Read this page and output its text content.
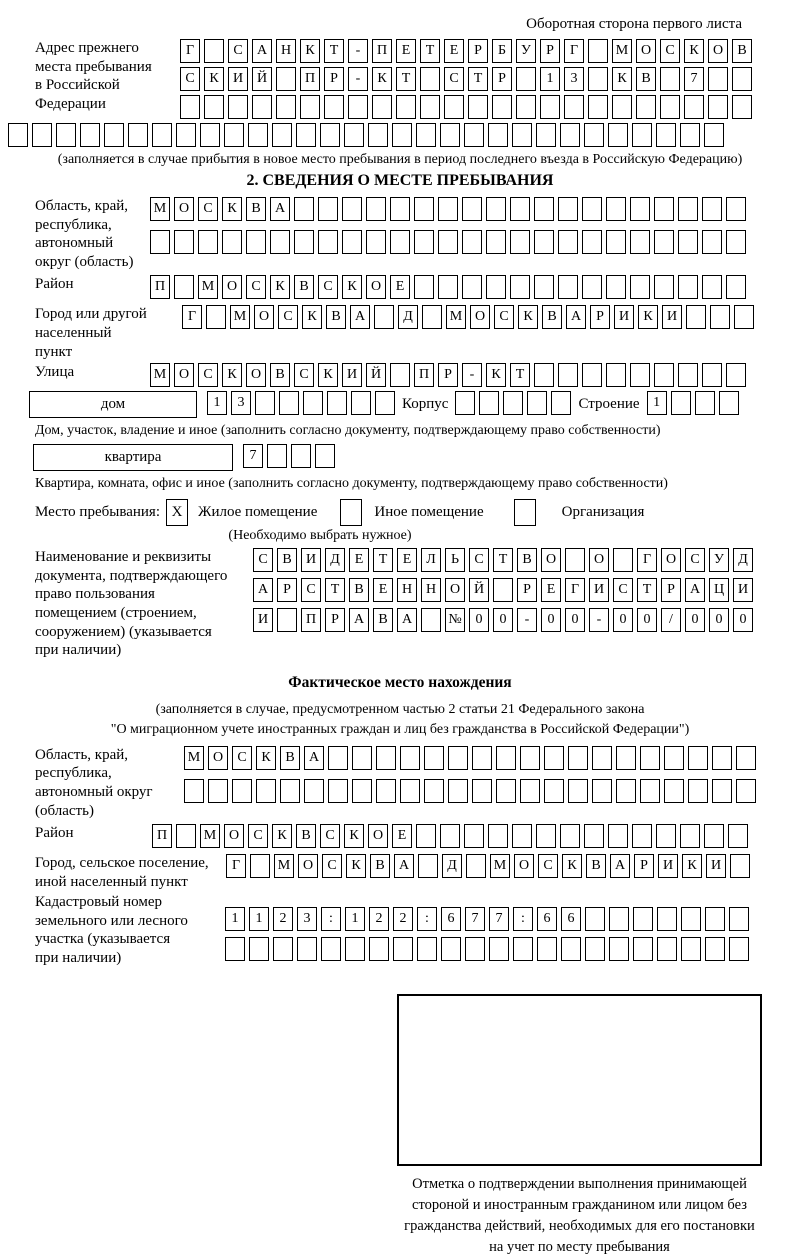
Оборотная сторона первого листа
Адрес прежнего
места пребывания
в Российской
Федерации
Г	С	А Н	К	Т	-	П	Е	Т	Е	Р	Б	У	Р	Г	М О	С	К	О	В
С	К	И Й	П	Р	-	К	Т	С	Т	Р	1	3	К	В	7
(заполняется в случае прибытия в новое место пребывания в период последнего въезда в Российскую Федерацию)
2. СВЕДЕНИЯ О МЕСТЕ ПРЕБЫВАНИЯ
Область, край,
республика,
автономный
округ (область)
М О	С	К	В	А
Район	П	М О	С	К	В	С	К	О	Е
Город или другой
населенный пункт
Г	М О	С	К	В	А	Д	М О	С	К	В	А	Р	И	К	И
Улица	М О	С	К	О	В	С	К	И Й	П	Р	-	К	Т
дом	1	3	Корпус	Строение 1
Дом, участок, владение и иное (заполнить согласно документу, подтверждающему право собственности)
квартира	7
Квартира, комната, офис и иное (заполнить согласно документу, подтверждающему право собственности)
Место пребывания: X	Жилое помещение	Иное помещение	Организация
(Необходимо выбрать нужное)
Наименование и реквизиты
документа, подтверждающего
право пользования
помещением (строением,
сооружением) (указывается
при наличии)
С	В	И	Д	Е	Т	Е	Л	Ь	С	Т	В	О	О	Г	О	С	У	Д
А	Р	С	Т	В	Е	Н Н О Й	Р	Е	Г	И	С	Т	Р	А Ц И
И	П	Р	А	В	А	№ 0	0	-	0	0	-	0	0	/	0	0	0
Фактическое место нахождения
(заполняется в случае, предусмотренном частью 2 статьи 21 Федерального закона
"О миграционном учете иностранных граждан и лиц без гражданства в Российской Федерации")
Область, край,
республика,
автономный округ
(область)
М О	С	К	В	А
Район	П	М О	С	К	В	С	К	О	Е
Город, сельское поселение,
иной населенный пункт
Г	М О	С	К	В	А	Д	М О	С	К	В	А	Р	И	К	И
Кадастровый номер
земельного или лесного
участка (указывается
при наличии)
1	1	2	3	:	1	2	2	:	6	7	7	:	6	6
Отметка о подтверждении выполнения принимающей
стороной и иностранным гражданином или лицом без
гражданства действий, необходимых для его постановки
на учет по месту пребывания
